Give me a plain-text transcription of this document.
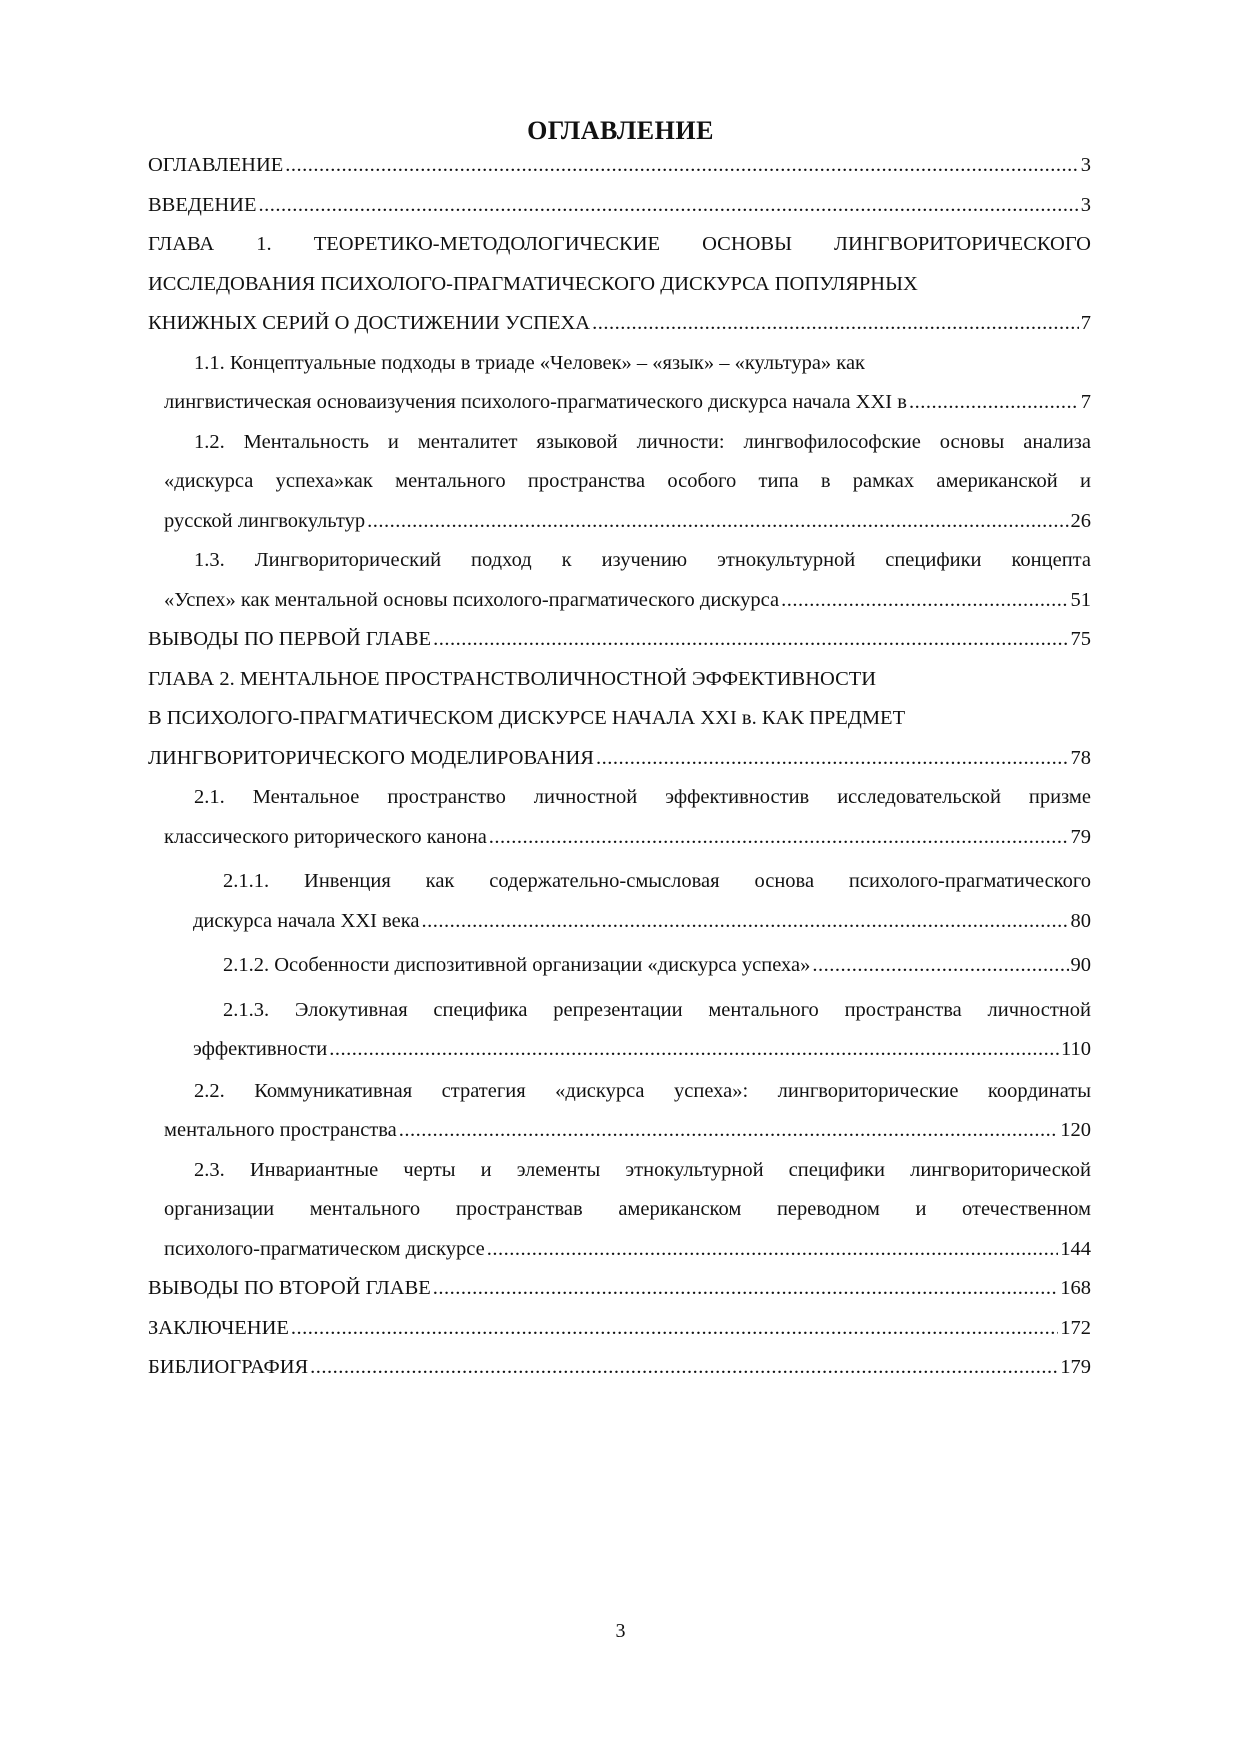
ОГЛАВЛЕНИЕ
ОГЛАВЛЕНИЕ .....	3
ВВЕДЕНИЕ .....	3
ГЛАВА 1. ТЕОРЕТИКО-МЕТОДОЛОГИЧЕСКИЕ ОСНОВЫ ЛИНГВОРИТОРИЧЕСКОГО
ИССЛЕДОВАНИЯ ПСИХОЛОГО-ПРАГМАТИЧЕСКОГО ДИСКУРСА ПОПУЛЯРНЫХ
КНИЖНЫХ СЕРИЙ О ДОСТИЖЕНИИ УСПЕХА .....	7
1.1. Концептуальные подходы в триаде «Человек» – «язык» – «культура» как
лингвистическая основаизучения психолого-прагматического дискурса начала XXI в .....	7
1.2. Ментальность и менталитет языковой личности: лингвофилософские основы анализа
«дискурса успеха»как ментального пространства особого типа в рамках американской и
русской лингвокультур .....	26
1.3. Лингвориторический подход к изучению этнокультурной специфики концепта
«Успех» как ментальной основы психолого-прагматического дискурса .....	51
ВЫВОДЫ ПО ПЕРВОЙ ГЛАВЕ .....	75
ГЛАВА 2. МЕНТАЛЬНОЕ ПРОСТРАНСТВОЛИЧНОСТНОЙ ЭФФЕКТИВНОСТИ
В ПСИХОЛОГО-ПРАГМАТИЧЕСКОМ ДИСКУРСЕ НАЧАЛА XXI в. КАК ПРЕДМЕТ
ЛИНГВОРИТОРИЧЕСКОГО МОДЕЛИРОВАНИЯ .....	78
2.1. Ментальное пространство личностной эффективностив исследовательской призме
классического риторического канона .....	79
2.1.1. Инвенция как содержательно-смысловая основа психолого-прагматического
дискурса начала XXI века .....	80
2.1.2. Особенности диспозитивной организации «дискурса успеха» .....	90
2.1.3. Элокутивная специфика репрезентации ментального пространства личностной
эффективности .....	110
2.2. Коммуникативная стратегия «дискурса успеха»: лингвориторические координаты
ментального пространства .....	120
2.3. Инвариантные черты и элементы этнокультурной специфики лингвориторической
организации ментального пространствав американском переводном и отечественном
психолого-прагматическом дискурсе .....	144
ВЫВОДЫ ПО ВТОРОЙ ГЛАВЕ .....	168
ЗАКЛЮЧЕНИЕ .....	172
БИБЛИОГРАФИЯ .....	179
3
